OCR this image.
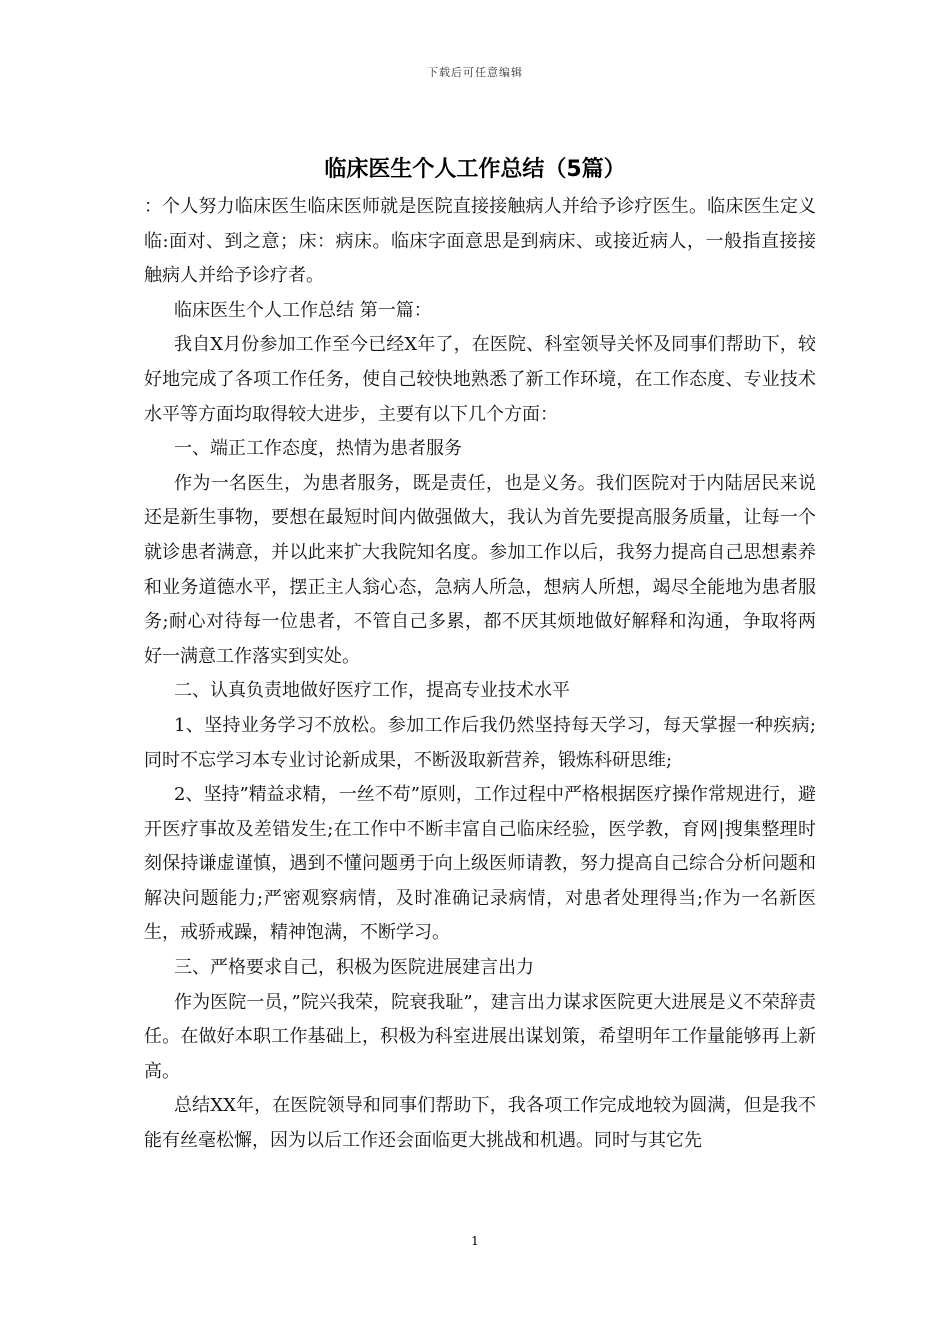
下载后可任意编辑
临床医生个人工作总结（5篇）

：个人努力临床医生临床医师就是医院直接接触病人并给予诊疗医生。临床医生定义 临:面对、到之意；床：病床。临床字面意思是到病床、或接近病人，一般指直接接触病人并给予诊疗者。

临床医生个人工作总结 第一篇：

我自X月份参加工作至今已经X年了，在医院、科室领导关怀及同事们帮助下，较好地完成了各项工作任务，使自己较快地熟悉了新工作环境，在工作态度、专业技术水平等方面均取得较大进步，主要有以下几个方面：

一、端正工作态度，热情为患者服务

作为一名医生，为患者服务，既是责任，也是义务。我们医院对于内陆居民来说还是新生事物，要想在最短时间内做强做大，我认为首先要提高服务质量，让每一个就诊患者满意，并以此来扩大我院知名度。参加工作以后，我努力提高自己思想素养和业务道德水平，摆正主人翁心态，急病人所急，想病人所想，竭尽全能地为患者服务;耐心对待每一位患者，不管自己多累，都不厌其烦地做好解释和沟通，争取将两好一满意工作落实到实处。

二、认真负责地做好医疗工作，提高专业技术水平

1、坚持业务学习不放松。参加工作后我仍然坚持每天学习，每天掌握一种疾病;同时不忘学习本专业讨论新成果，不断汲取新营养，锻炼科研思维;

2、坚持”精益求精，一丝不苟”原则，工作过程中严格根据医疗操作常规进行，避开医疗事故及差错发生;在工作中不断丰富自己临床经验，医学教，育网|搜集整理时刻保持谦虚谨慎，遇到不懂问题勇于向上级医师请教，努力提高自己综合分析问题和解决问题能力;严密观察病情，及时准确记录病情，对患者处理得当;作为一名新医生，戒骄戒躁，精神饱满，不断学习。

三、严格要求自己，积极为医院进展建言出力

作为医院一员，”院兴我荣，院衰我耻”，建言出力谋求医院更大进展是义不荣辞责任。在做好本职工作基础上，积极为科室进展出谋划策，希望明年工作量能够再上新高。

总结XX年，在医院领导和同事们帮助下，我各项工作完成地较为圆满，但是我不能有丝毫松懈，因为以后工作还会面临更大挑战和机遇。同时与其它先

1
